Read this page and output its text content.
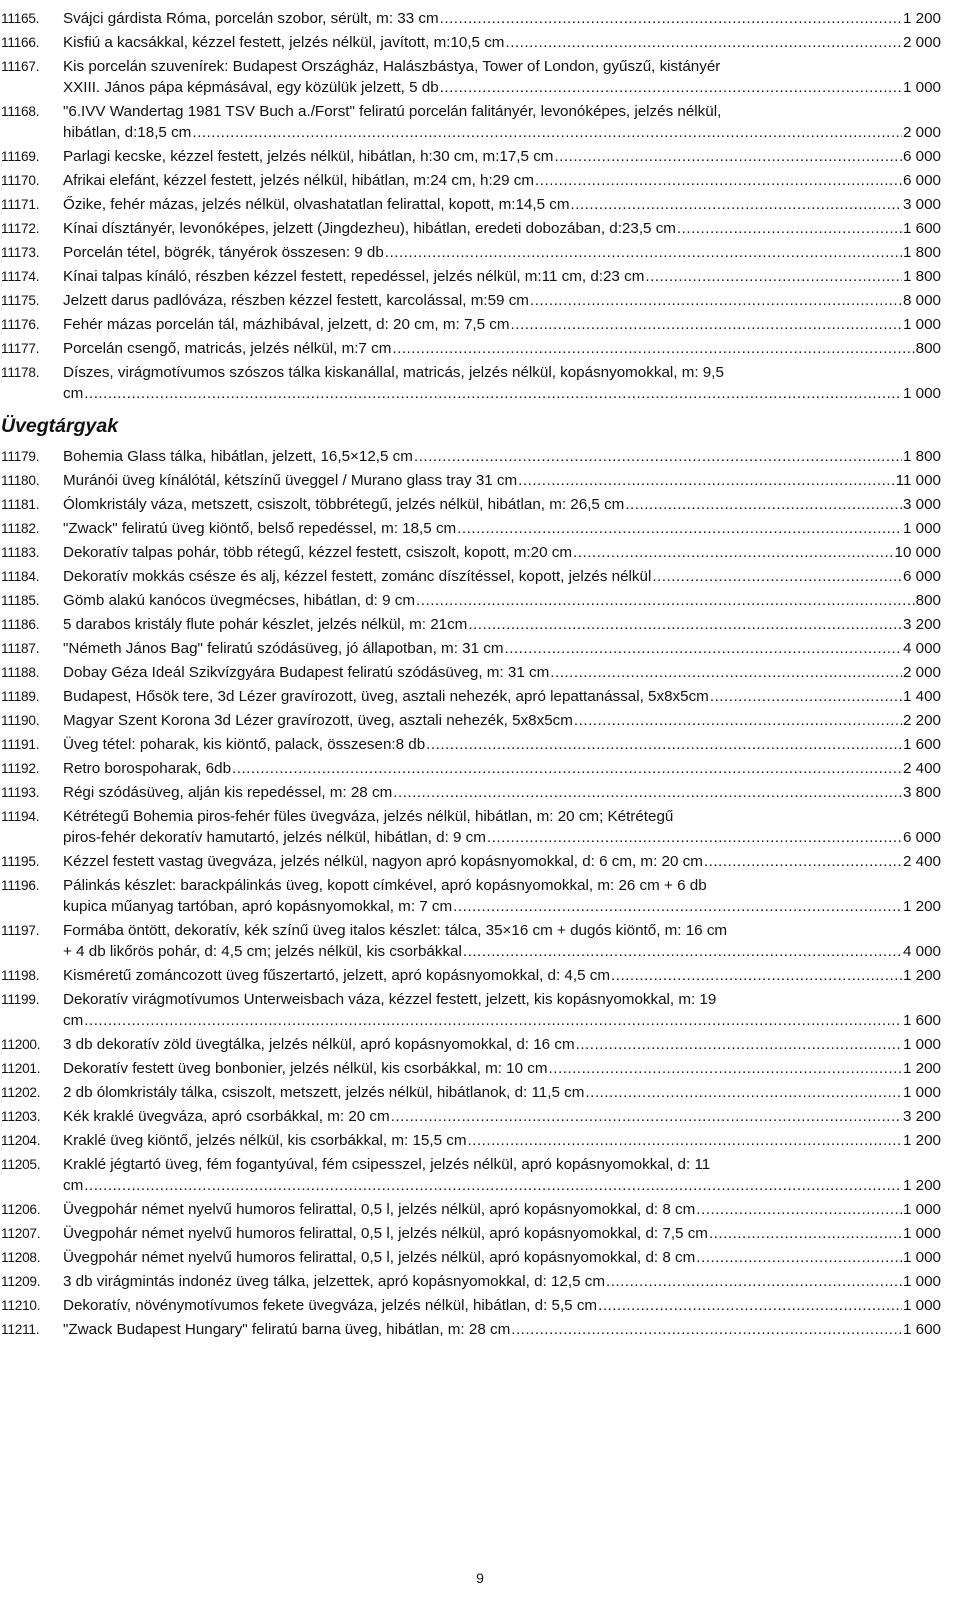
11165.	Svájci gárdista Róma, porcelán szobor, sérült, m: 33 cm .....	1 200
11166.	Kisfiú a kacsákkal, kézzel festett, jelzés nélkül, javított, m:10,5 cm .....	2 000
11167.	Kis porcelán szuvenírek: Budapest Országház, Halászbástya, Tower of London, gyűszű, kistányér
XXIII. János pápa képmásával, egy közülük jelzett, 5 db .....	1 000
11168.	"6.IVV Wandertag 1981 TSV Buch a./Forst" feliratú porcelán falitányér, levonóképes, jelzés nélkül,
hibátlan, d:18,5 cm .....	2 000
11169.	Parlagi kecske, kézzel festett, jelzés nélkül, hibátlan, h:30 cm, m:17,5 cm .....	6 000
11170.	Afrikai elefánt, kézzel festett, jelzés nélkül, hibátlan, m:24 cm, h:29 cm .....	6 000
11171.	Őzike, fehér mázas, jelzés nélkül, olvashatatlan felirattal, kopott, m:14,5 cm .....	3 000
11172.	Kínai dísztányér, levonóképes, jelzett (Jingdezheu), hibátlan, eredeti dobozában, d:23,5 cm .....	1 600
11173.	Porcelán tétel, bögrék, tányérok összesen: 9 db .....	1 800
11174.	Kínai talpas kínáló, részben kézzel festett, repedéssel, jelzés nélkül, m:11 cm, d:23 cm .....	1 800
11175.	Jelzett darus padlóváza, részben kézzel festett, karcolással, m:59 cm .....	8 000
11176.	Fehér mázas porcelán tál, mázhibával, jelzett, d: 20 cm, m: 7,5 cm .....	1 000
11177.	Porcelán csengő, matricás, jelzés nélkül, m:7 cm .....	800
11178.	Díszes, virágmotívumos szószos tálka kiskanállal, matricás, jelzés nélkül, kopásnyomokkal, m: 9,5
cm .....	1 000
Üvegtárgyak
11179.	Bohemia Glass tálka, hibátlan, jelzett, 16,5×12,5 cm .....	1 800
11180.	Muránói üveg kínálótál, kétszínű üveggel / Murano glass tray 31 cm .....	11 000
11181.	Ólomkristály váza, metszett, csiszolt, többrétegű, jelzés nélkül, hibátlan, m: 26,5 cm .....	3 000
11182.	"Zwack" feliratú üveg kiöntő, belső repedéssel, m: 18,5 cm .....	1 000
11183.	Dekoratív talpas pohár, több rétegű, kézzel festett, csiszolt, kopott, m:20 cm .....	10 000
11184.	Dekoratív mokkás csésze és alj, kézzel festett, zománc díszítéssel, kopott, jelzés nélkül .....	6 000
11185.	Gömb alakú kanócos üvegmécses, hibátlan, d: 9 cm .....	800
11186.	5 darabos kristály flute pohár készlet, jelzés nélkül, m: 21cm .....	3 200
11187.	"Németh János Bag" feliratú szódásüveg, jó állapotban, m: 31 cm .....	4 000
11188.	Dobay Géza Ideál Szikvízgyára Budapest feliratú szódásüveg, m: 31 cm .....	2 000
11189.	Budapest, Hősök tere, 3d Lézer gravírozott, üveg, asztali nehezék, apró lepattanással, 5x8x5cm .....	1 400
11190.	Magyar Szent Korona 3d Lézer gravírozott, üveg, asztali nehezék, 5x8x5cm .....	2 200
11191.	Üveg tétel: poharak, kis kiöntő, palack, összesen:8 db .....	1 600
11192.	Retro borospoharak, 6db .....	2 400
11193.	Régi szódásüveg, alján kis repedéssel, m: 28 cm .....	3 800
11194.	Kétrétegű Bohemia piros-fehér füles üvegváza, jelzés nélkül, hibátlan, m: 20 cm; Kétrétegű
piros-fehér dekoratív hamutartó, jelzés nélkül, hibátlan, d: 9 cm .....	6 000
11195.	Kézzel festett vastag üvegváza, jelzés nélkül, nagyon apró kopásnyomokkal, d: 6 cm, m: 20 cm .....	2 400
11196.	Pálinkás készlet: barackpálinkás üveg, kopott címkével, apró kopásnyomokkal, m: 26 cm + 6 db
kupica műanyag tartóban, apró kopásnyomokkal, m: 7 cm .....	1 200
11197.	Formába öntött, dekoratív, kék színű üveg italos készlet: tálca, 35×16 cm + dugós kiöntő, m: 16 cm
+ 4 db likőrös pohár, d: 4,5 cm; jelzés nélkül, kis csorbákkal .....	4 000
11198.	Kisméretű zománcozott üveg fűszertartó, jelzett, apró kopásnyomokkal, d: 4,5 cm .....	1 200
11199.	Dekoratív virágmotívumos Unterweisbach váza, kézzel festett, jelzett, kis kopásnyomokkal, m: 19
cm .....	1 600
11200.	3 db dekoratív zöld üvegtálka, jelzés nélkül, apró kopásnyomokkal, d: 16 cm .....	1 000
11201.	Dekoratív festett üveg bonbonier, jelzés nélkül, kis csorbákkal, m: 10 cm .....	1 200
11202.	2 db ólomkristály tálka, csiszolt, metszett, jelzés nélkül, hibátlanok, d: 11,5 cm .....	1 000
11203.	Kék kraklé üvegváza, apró csorbákkal, m: 20 cm .....	3 200
11204.	Kraklé üveg kiöntő, jelzés nélkül, kis csorbákkal, m: 15,5 cm .....	1 200
11205.	Kraklé jégtartó üveg, fém fogantyúval, fém csipesszel, jelzés nélkül, apró kopásnyomokkal, d: 11
cm .....	1 200
11206.	Üvegpohár német nyelvű humoros felirattal, 0,5 l, jelzés nélkül, apró kopásnyomokkal, d: 8 cm .....	1 000
11207.	Üvegpohár német nyelvű humoros felirattal, 0,5 l, jelzés nélkül, apró kopásnyomokkal, d: 7,5 cm .....	1 000
11208.	Üvegpohár német nyelvű humoros felirattal, 0,5 l, jelzés nélkül, apró kopásnyomokkal, d: 8 cm .....	1 000
11209.	3 db virágmintás indonéz üveg tálka, jelzettek, apró kopásnyomokkal, d: 12,5 cm .....	1 000
11210.	Dekoratív, növénymotívumos fekete üvegváza, jelzés nélkül, hibátlan, d: 5,5 cm .....	1 000
11211.	"Zwack Budapest Hungary" feliratú barna üveg, hibátlan, m: 28 cm .....	1 600
9
